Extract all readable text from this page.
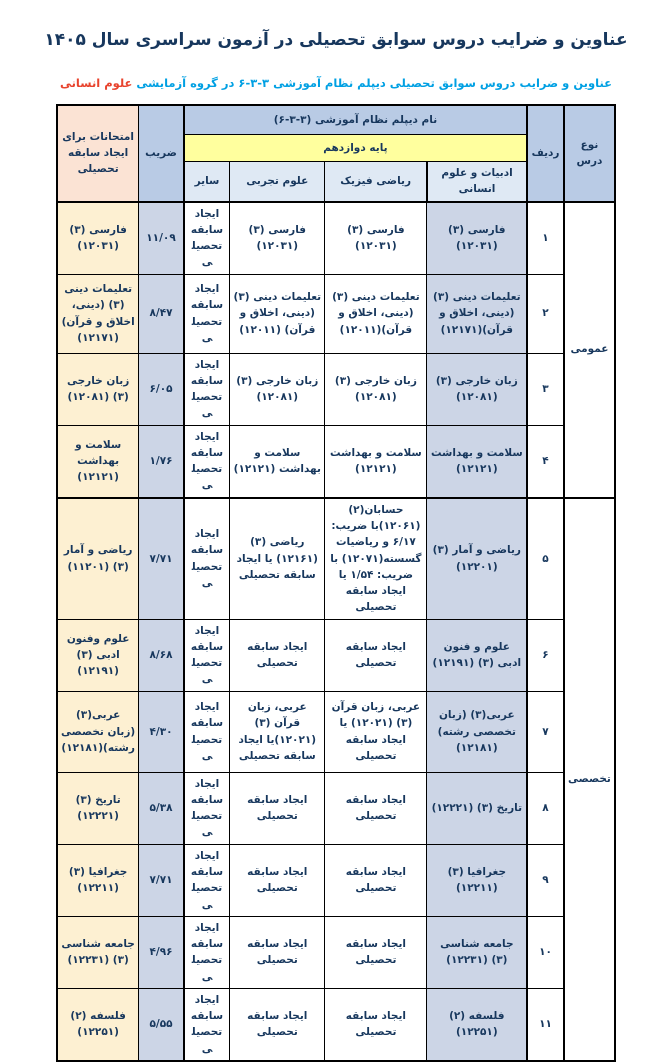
عناوین و ضرایب دروس سوابق تحصیلی در آزمون سراسری سال ۱۴۰۵
عناوین و ضرایب دروس سوابق تحصیلی دیپلم نظام آموزشی ۳-۳-۶ در گروه آزمایشی علوم انسانی
نوع درس	ردیف	نام دیپلم نظام آموزشی (۳-۳-۶)				ضریب	امتحانات برای ایجاد سابقه تحصیلی
		پایه دوازدهم					
		ادبیات و علوم انسانی	ریاضی فیزیک	علوم تجربی	سایر		
عمومی	۱	فارسی (۳) (۱۲۰۳۱)	فارسی (۳) (۱۲۰۳۱)	فارسی (۳) (۱۲۰۳۱)	ایجاد سابقه تحصیلی	۱۱/۰۹	فارسی (۳) (۱۲۰۳۱)
	۲	تعلیمات دینی (۳) (دینی، اخلاق و قرآن)(۱۲۱۷۱)	تعلیمات دینی (۳) (دینی، اخلاق و قرآن)(۱۲۰۱۱)	تعلیمات دینی (۳) (دینی، اخلاق و قرآن) (۱۲۰۱۱)	ایجاد سابقه تحصیلی	۸/۴۷	تعلیمات دینی (۳) (دینی، اخلاق و قرآن) (۱۲۱۷۱)
	۳	زبان خارجی (۳)(۱۲۰۸۱)	زبان خارجی (۳)(۱۲۰۸۱)	زبان خارجی (۳)(۱۲۰۸۱)	ایجاد سابقه تحصیلی	۶/۰۵	زبان خارجی (۳) (۱۲۰۸۱)
	۴	سلامت و بهداشت (۱۲۱۲۱)	سلامت و بهداشت (۱۲۱۲۱)	سلامت و بهداشت (۱۲۱۲۱)	ایجاد سابقه تحصیلی	۱/۷۶	سلامت و بهداشت (۱۲۱۲۱)
تخصصی	۵	ریاضی و آمار (۳) (۱۲۲۰۱)	حسابان(۲) (۱۲۰۶۱)با ضریب: ۶/۱۷ و ریاضیات گسسته(۱۲۰۷۱) با ضریب: ۱/۵۴ یا ایجاد سابقه تحصیلی	ریاضی (۳)(۱۲۱۶۱) یا ایجاد سابقه تحصیلی	ایجاد سابقه تحصیلی	۷/۷۱	ریاضی و آمار (۳) (۱۱۲۰۱)
	۶	علوم و فنون ادبی (۳) (۱۲۱۹۱)	ایجاد سابقه تحصیلی	ایجاد سابقه تحصیلی	ایجاد سابقه تحصیلی	۸/۶۸	علوم وفنون ادبی (۳) (۱۲۱۹۱)
	۷	عربی(۳) (زبان تخصصی رشته) (۱۲۱۸۱)	عربی، زبان قرآن (۳) (۱۲۰۲۱) یا ایجاد سابقه تحصیلی	عربی، زبان قرآن (۳) (۱۲۰۲۱)یا ایجاد سابقه تحصیلی	ایجاد سابقه تحصیلی	۴/۳۰	عربی(۳) (زبان تخصصی رشته)(۱۲۱۸۱)
	۸	تاریخ (۳) (۱۲۲۲۱)	ایجاد سابقه تحصیلی	ایجاد سابقه تحصیلی	ایجاد سابقه تحصیلی	۵/۳۸	تاریخ (۳) (۱۲۲۲۱)
	۹	جغرافیا (۳) (۱۲۲۱۱)	ایجاد سابقه تحصیلی	ایجاد سابقه تحصیلی	ایجاد سابقه تحصیلی	۷/۷۱	جغرافیا (۳) (۱۲۲۱۱)
	۱۰	جامعه شناسی (۳) (۱۲۲۳۱)	ایجاد سابقه تحصیلی	ایجاد سابقه تحصیلی	ایجاد سابقه تحصیلی	۴/۹۶	جامعه شناسی (۳) (۱۲۲۳۱)
	۱۱	فلسفه (۲) (۱۲۲۵۱)	ایجاد سابقه تحصیلی	ایجاد سابقه تحصیلی	ایجاد سابقه تحصیلی	۵/۵۵	فلسفه (۲)(۱۲۲۵۱)
